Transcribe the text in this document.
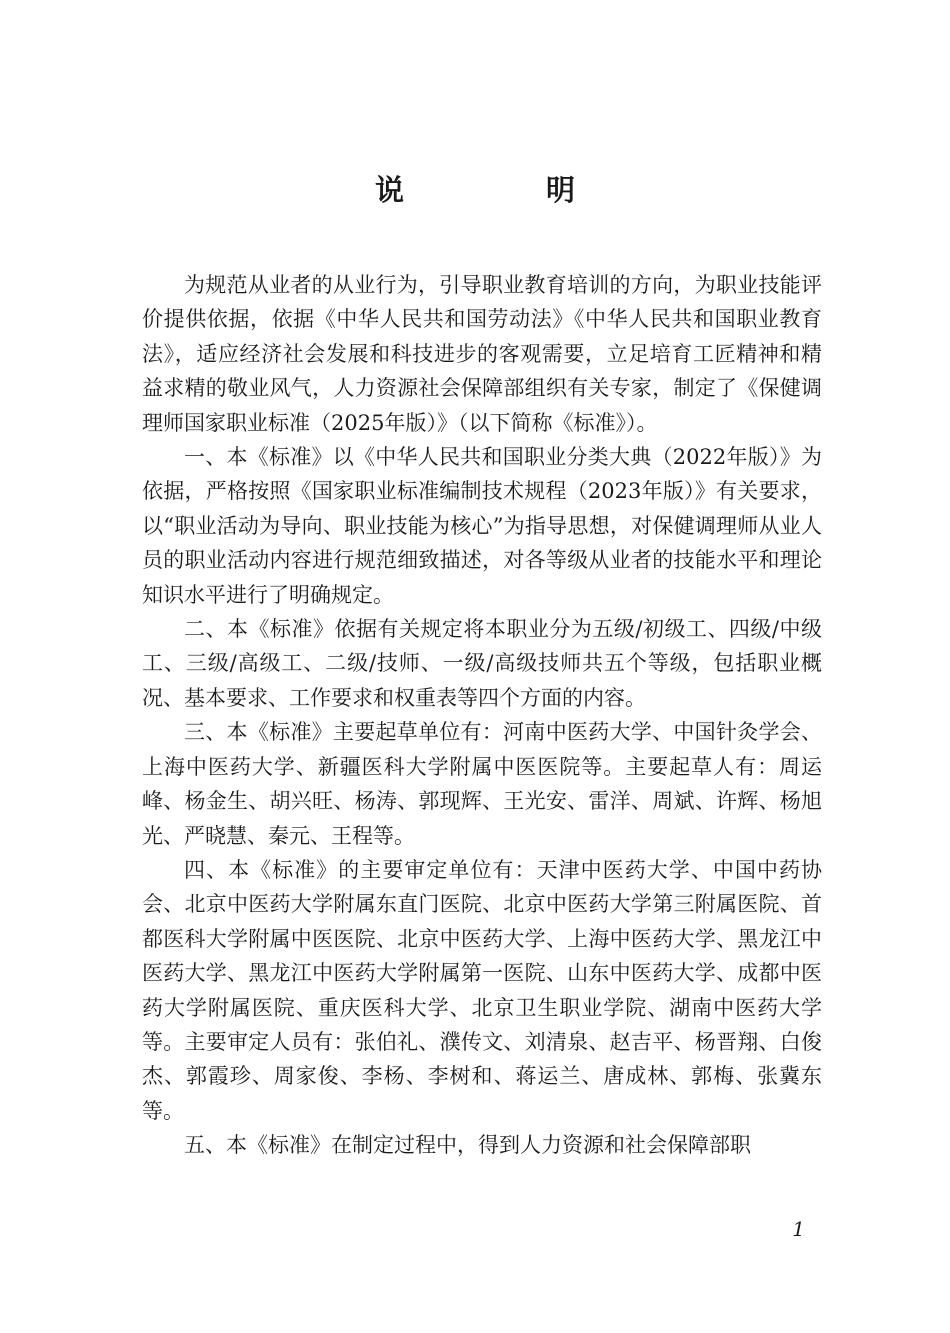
说 明

为规范从业者的从业行为，引导职业教育培训的方向，为职业技能评价提供依据，依据《中华人民共和国劳动法》《中华人民共和国职业教育法》，适应经济社会发展和科技进步的客观需要，立足培育工匠精神和精益求精的敬业风气，人力资源社会保障部组织有关专家，制定了《保健调理师国家职业标准（2025年版）》（以下简称《标准》）。

一、本《标准》以《中华人民共和国职业分类大典（2022年版）》为依据，严格按照《国家职业标准编制技术规程（2023年版）》有关要求，以“职业活动为导向、职业技能为核心”为指导思想，对保健调理师从业人员的职业活动内容进行规范细致描述，对各等级从业者的技能水平和理论知识水平进行了明确规定。

二、本《标准》依据有关规定将本职业分为五级/初级工、四级/中级工、三级/高级工、二级/技师、一级/高级技师共五个等级，包括职业概况、基本要求、工作要求和权重表等四个方面的内容。

三、本《标准》主要起草单位有：河南中医药大学、中国针灸学会、上海中医药大学、新疆医科大学附属中医医院等。主要起草人有：周运峰、杨金生、胡兴旺、杨涛、郭现辉、王光安、雷洋、周斌、许辉、杨旭光、严晓慧、秦元、王程等。

四、本《标准》的主要审定单位有：天津中医药大学、中国中药协会、北京中医药大学附属东直门医院、北京中医药大学第三附属医院、首都医科大学附属中医医院、北京中医药大学、上海中医药大学、黑龙江中医药大学、黑龙江中医药大学附属第一医院、山东中医药大学、成都中医药大学附属医院、重庆医科大学、北京卫生职业学院、湖南中医药大学等。主要审定人员有：张伯礼、濮传文、刘清泉、赵吉平、杨晋翔、白俊杰、郭霞珍、周家俊、李杨、李树和、蒋运兰、唐成林、郭梅、张冀东等。

五、本《标准》在制定过程中，得到人力资源和社会保障部职

1
